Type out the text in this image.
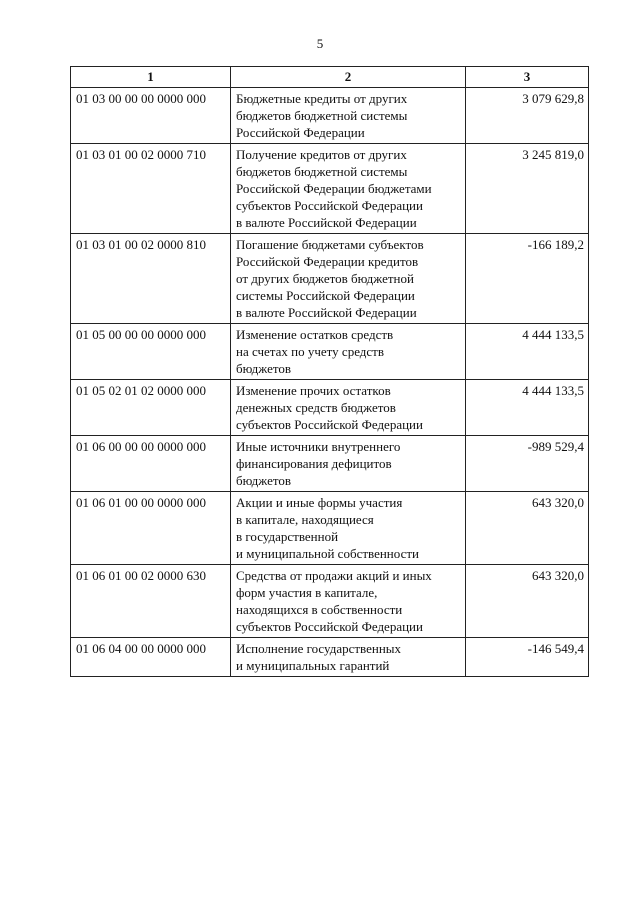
5
1	2	3
01 03 00 00 00 0000 000	Бюджетные кредиты от других
бюджетов бюджетной системы
Российской Федерации	3 079 629,8
01 03 01 00 02 0000 710	Получение кредитов от других
бюджетов бюджетной системы
Российской Федерации бюджетами
субъектов Российской Федерации
в валюте Российской Федерации	3 245 819,0
01 03 01 00 02 0000 810	Погашение бюджетами субъектов
Российской Федерации кредитов
от других бюджетов бюджетной
системы Российской Федерации
в валюте Российской Федерации	-166 189,2
01 05 00 00 00 0000 000	Изменение остатков средств
на счетах по учету средств
бюджетов	4 444 133,5
01 05 02 01 02 0000 000	Изменение прочих остатков
денежных средств бюджетов
субъектов Российской Федерации	4 444 133,5
01 06 00 00 00 0000 000	Иные источники внутреннего
финансирования дефицитов
бюджетов	-989 529,4
01 06 01 00 00 0000 000	Акции и иные формы участия
в капитале, находящиеся
в государственной
и муниципальной собственности	643 320,0
01 06 01 00 02 0000 630	Средства от продажи акций и иных
форм участия в капитале,
находящихся в собственности
субъектов Российской Федерации	643 320,0
01 06 04 00 00 0000 000	Исполнение государственных
и муниципальных гарантий	-146 549,4
